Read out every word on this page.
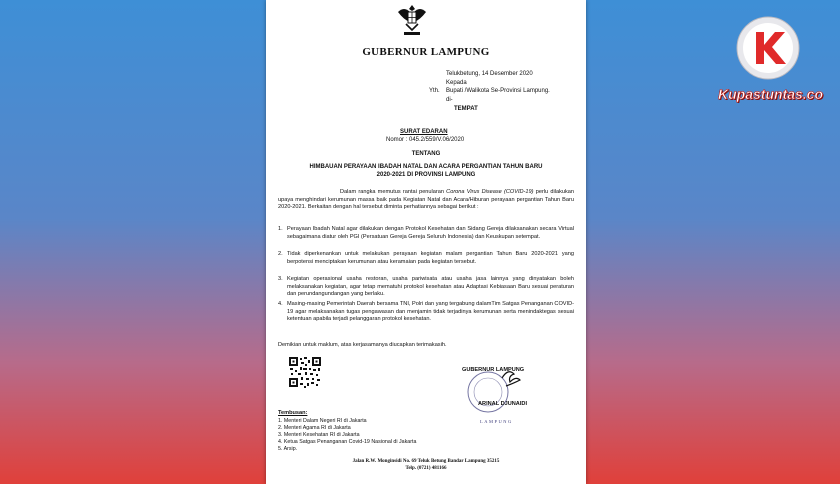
GUBERNUR LAMPUNG
Telukbetung, 14 Desember 2020
Kepada
Yth. Bupati /Walikota Se-Provinsi Lampung.
di-
TEMPAT
SURAT EDARAN
Nomor : 045.2/559/V.06/2020
TENTANG
HIMBAUAN PERAYAAN IBADAH NATAL DAN ACARA PERGANTIAN TAHUN BARU
2020-2021 DI PROVINSI LAMPUNG
Dalam rangka memutus rantai penularan Corona Virus Disease (COVID-19) perlu dilakukan upaya menghindari kerumunan massa baik pada Kegiatan Natal dan Acara/Hiburan perayaan pergantian Tahun Baru 2020-2021. Berkaitan dengan hal tersebut diminta perhatiannya sebagai berikut :
1. Perayaan Ibadah Natal agar dilakukan dengan Protokol Kesehatan dan Sidang Gereja dilaksanakan secara Virtual sebagaimana diatur oleh PGI (Persatuan Gereja Gereja Seluruh Indonesia) dan Keuskupan setempat.
2. Tidak diperkenankan untuk melakukan perayaan kegiatan malam pergantian Tahun Baru 2020-2021 yang berpotensi menciptakan kerumunan atau keramaian pada kegiatan tersebut.
3. Kegiatan operasional usaha restoran, usaha pariwisata atau usaha jasa lainnya yang dinyatakan boleh melaksanakan kegiatan, agar tetap mematuhi protokol kesehatan atau Adaptasi Kebiasaan Baru sesuai peraturan dan perundangundangan yang berlaku.
4. Masing-masing Pemerintah Daerah bersama TNI, Polri dan yang tergabung dalamTim Satgas Penanganan COVID-19 agar melaksanakan tugas pengawasan dan menjamin tidak terjadinya kerumunan serta menindaktegas sesuai ketentuan apabila terjadi pelanggaran protokol kesehatan.
Demikian untuk maklum, atas kerjasamanya diucapkan terimakasih.
GUBERNUR LAMPUNG
LAMPUNG
ARINAL DJUNAIDI
Tembusan:
1. Menteri Dalam Negeri RI di Jakarta
2. Menteri Agama RI di Jakarta
3. Menteri Kesehatan RI di Jakarta
4. Ketua Satgas Penanganan Covid-19 Nasional di Jakarta
5. Arsip.
Jalan R.W. Monginsidi No. 69 Teluk Betung Bandar Lampung 35215
Telp. (0721) 481166
Kupastuntas.co
